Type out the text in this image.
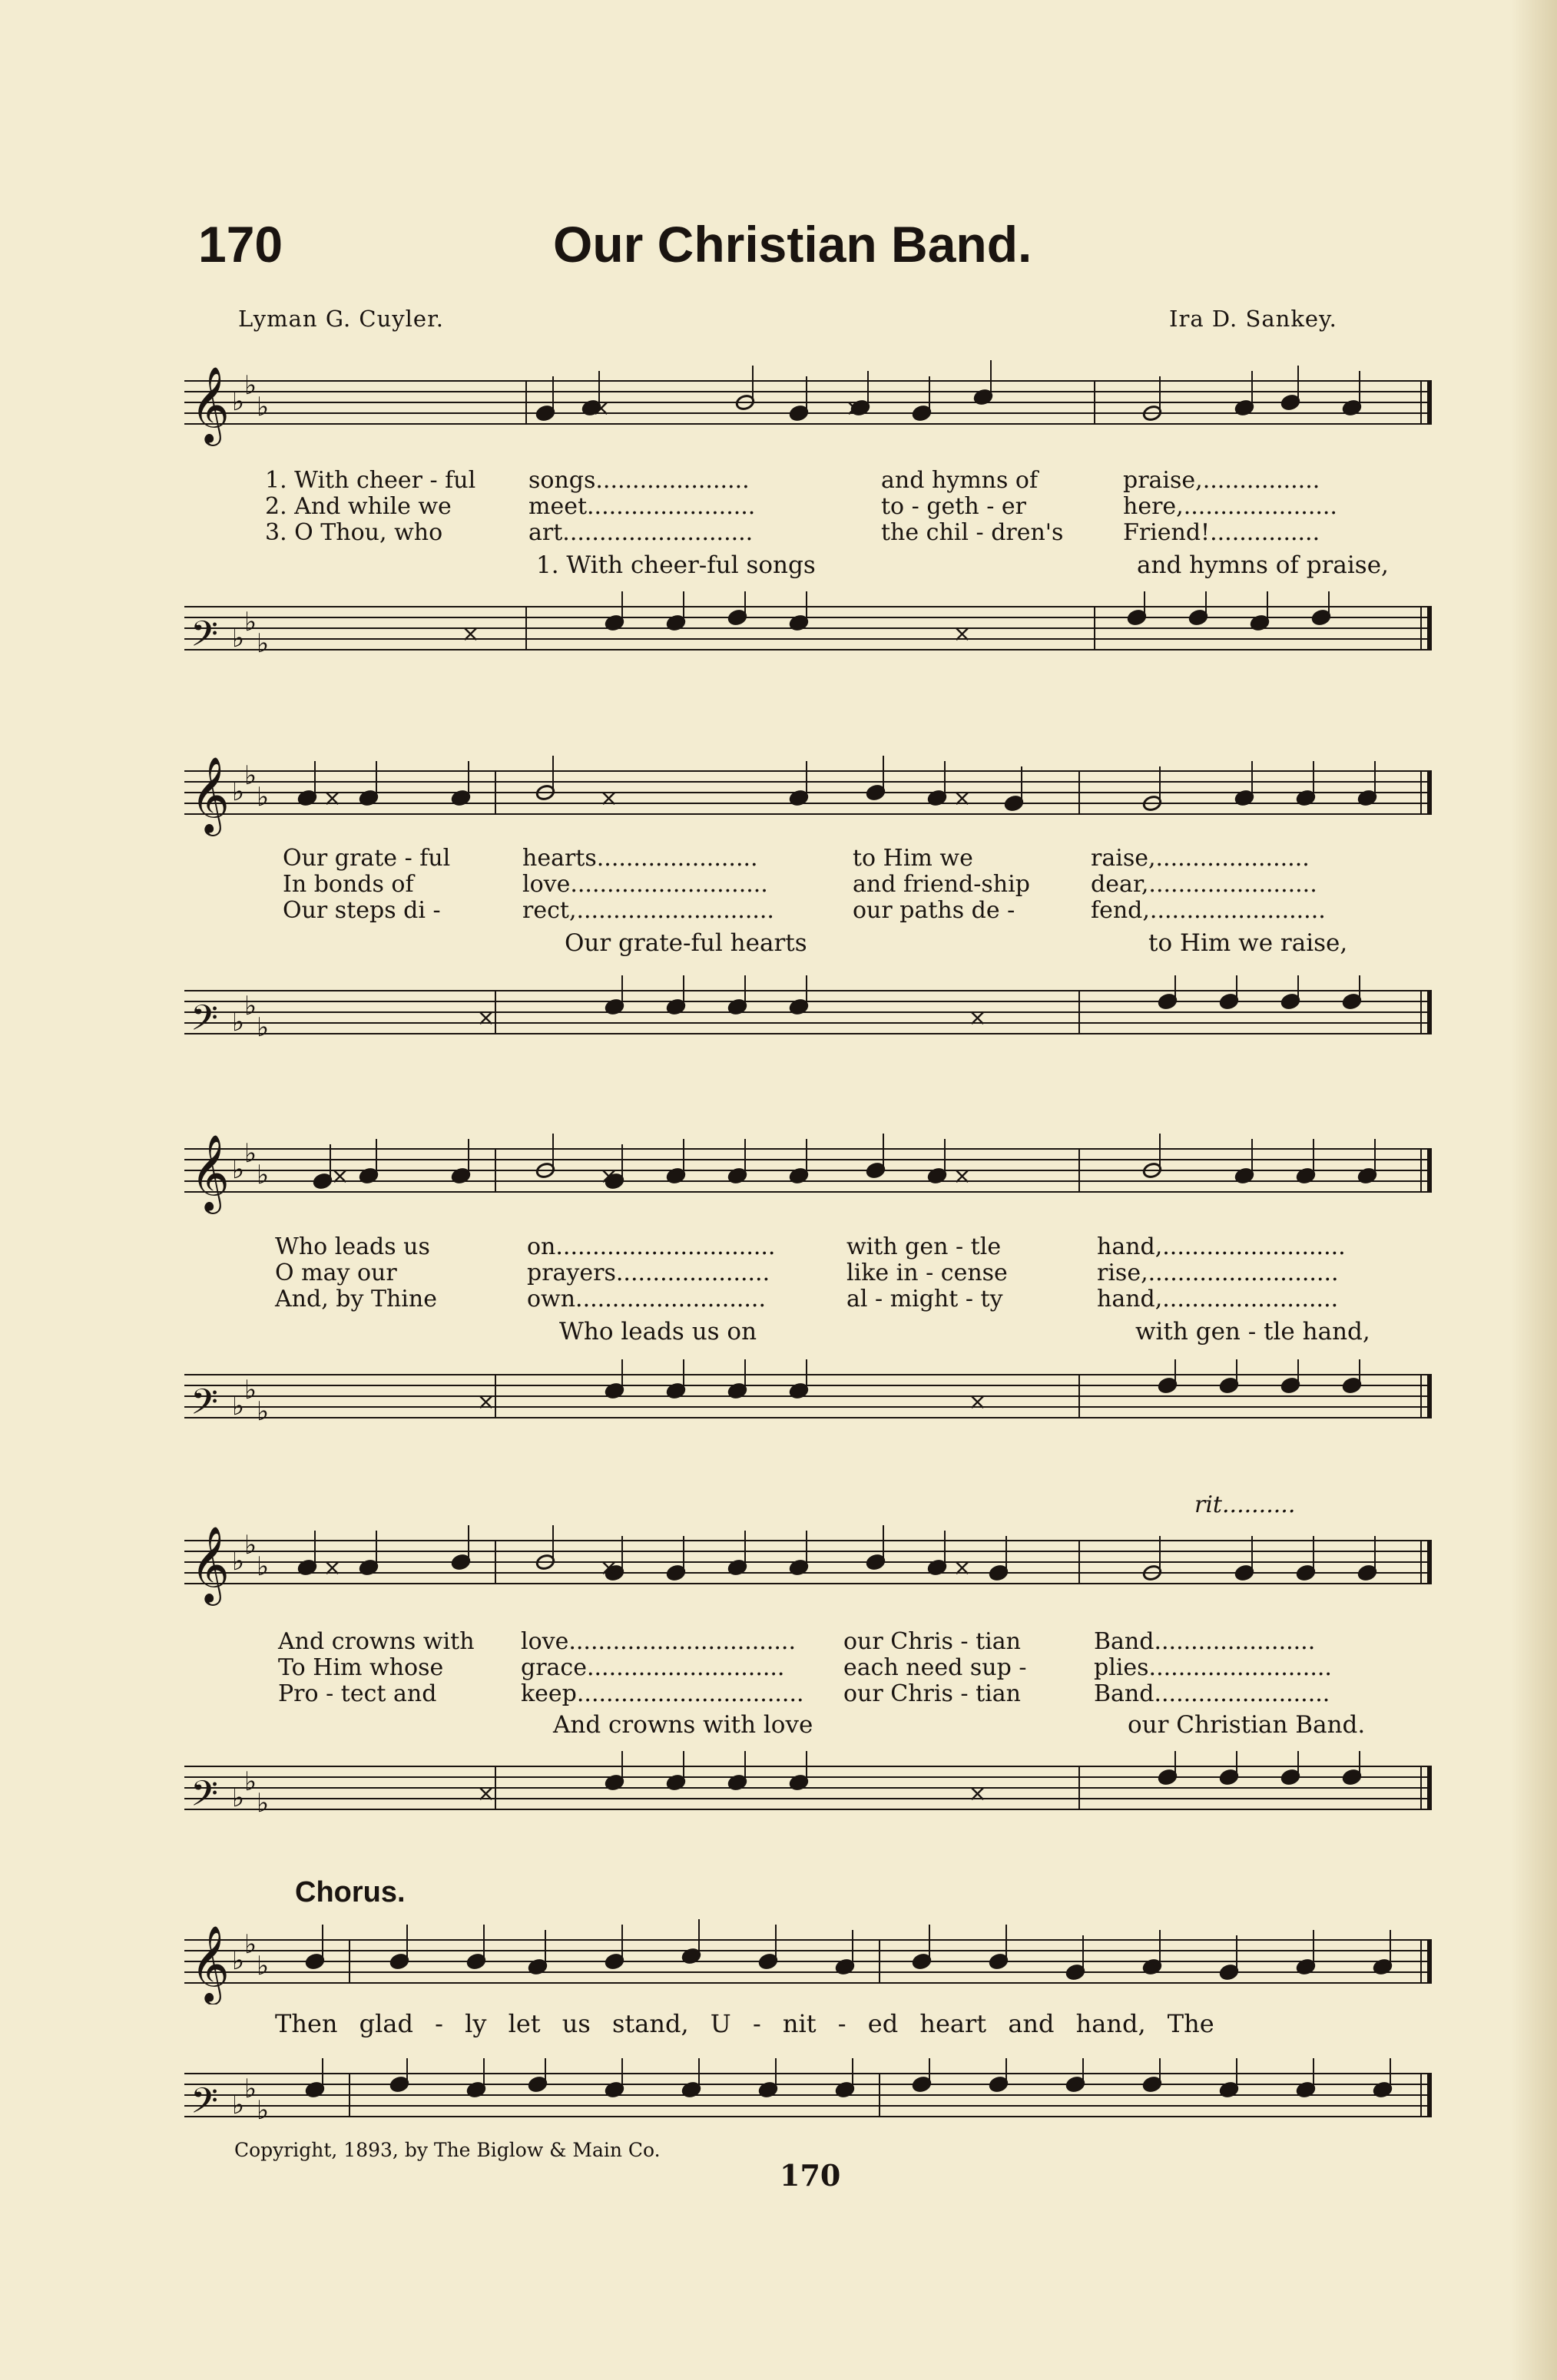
170	Our Christian Band.
Lyman G. Cuyler.	Ira D. Sankey.
𝄞 ♭
♭
♭	×	×
𝄢 ♭
♭
♭	×	×
𝄞 ♭
♭
♭ ×	×	×
𝄢 ♭
♭
♭	×	×
𝄞 ♭
♭
♭	×	×	×
𝄢 ♭
♭
♭	×	×
𝄞 ♭
♭
♭ ×	×	×
𝄢 ♭
♭
♭	×	×
𝄞 ♭
♭
♭
𝄢 ♭
♭
♭
1. With cheer - ful
2. And while we
3. O Thou, who
songs.....................
meet.......................
art..........................
and hymns of
to - geth - er
the chil - dren's
praise,................
here,.....................
Friend!...............
1. With cheer-ful songs	and hymns of praise,
Our grate - ful
In bonds of
Our steps di -
hearts......................
love...........................
rect,...........................
to Him we
and friend-ship
our paths de -
raise,.....................
dear,.......................
fend,........................
Our grate-ful hearts	to Him we raise,
Who leads us
O may our
And, by Thine
on..............................
prayers.....................
own..........................
with gen - tle
like in - cense
al - might - ty
hand,.........................
rise,..........................
hand,........................
Who leads us on	with gen - tle hand,
rit..........
And crowns with
To Him whose
Pro - tect and
love...............................
grace...........................
keep...............................
our Chris - tian
each need sup -
our Chris - tian
Band......................
plies.........................
Band........................
And crowns with love	our Christian Band.
Chorus.
Then glad - ly let us stand, U - nit - ed heart and hand, The
Copyright, 1893, by The Biglow & Main Co.
170
